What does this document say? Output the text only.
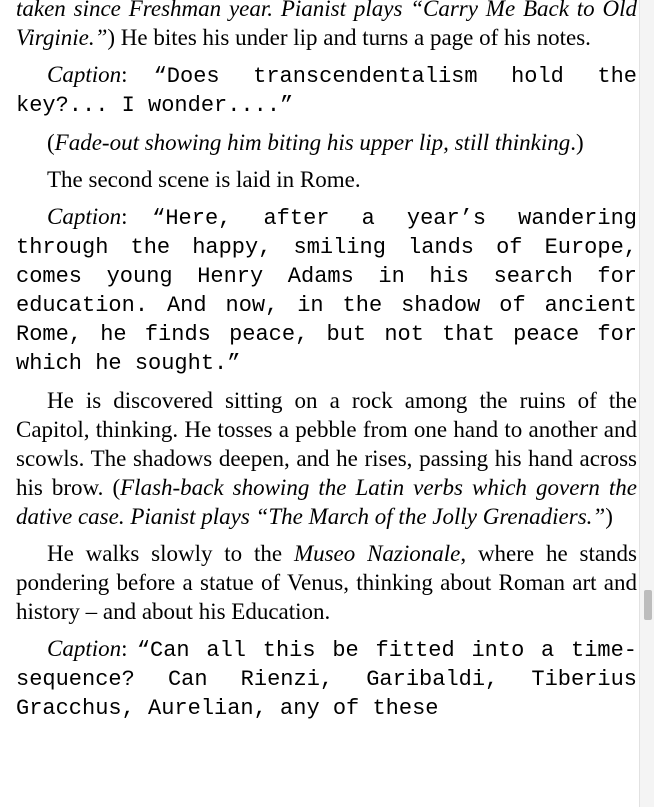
taken since Freshman year. Pianist plays “Carry Me Back to Old Virginie.”) He bites his under lip and turns a page of his notes.

Caption: “Does transcendentalism hold the key?... I wonder....”

(Fade-out showing him biting his upper lip, still thinking.)

The second scene is laid in Rome.

Caption: “Here, after a year’s wandering through the happy, smiling lands of Europe, comes young Henry Adams in his search for education. And now, in the shadow of ancient Rome, he finds peace, but not that peace for which he sought.”

He is discovered sitting on a rock among the ruins of the Capitol, thinking. He tosses a pebble from one hand to another and scowls. The shadows deepen, and he rises, passing his hand across his brow. (Flash-back showing the Latin verbs which govern the dative case. Pianist plays “The March of the Jolly Grenadiers.”)

He walks slowly to the Museo Nazionale, where he stands pondering before a statue of Venus, thinking about Roman art and history – and about his Education.

Caption: “Can all this be fitted into a time-sequence? Can Rienzi, Garibaldi, Tiberius Gracchus, Aurelian, any of these
